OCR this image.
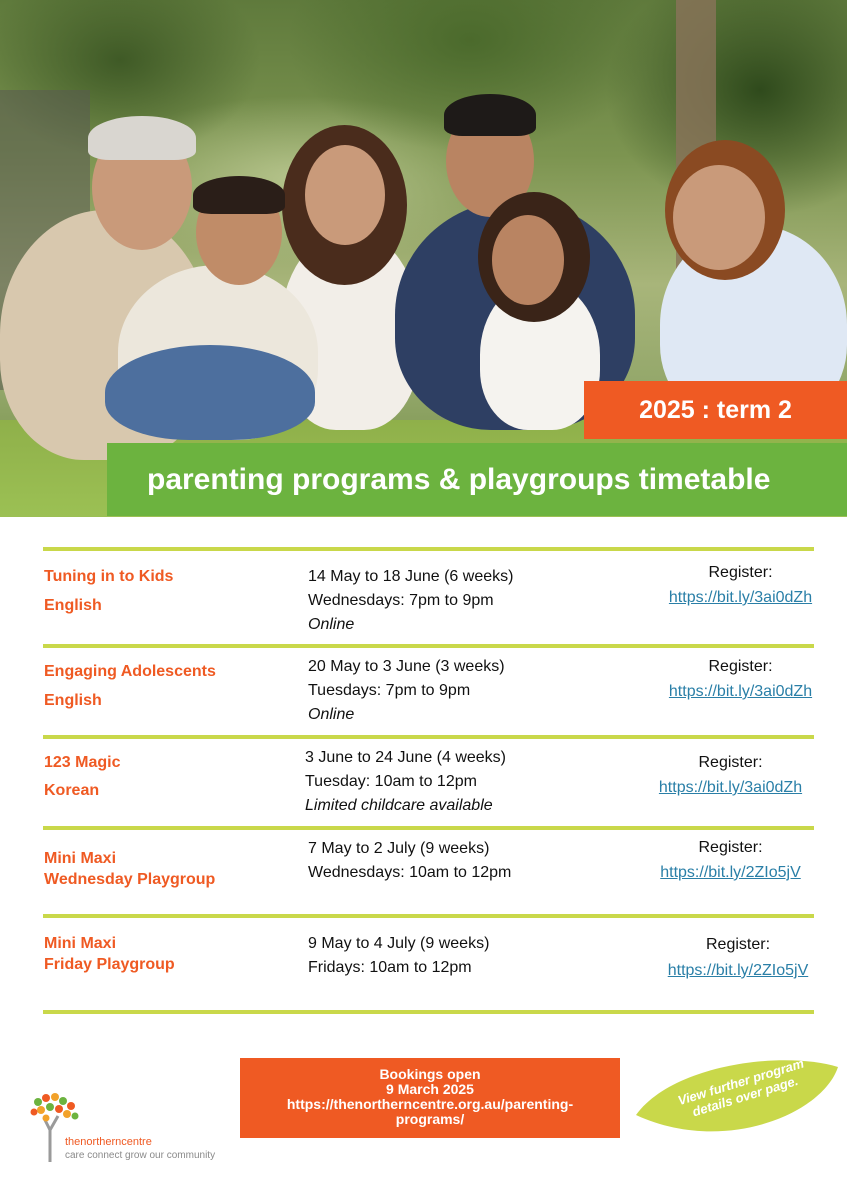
2025 : term 2
parenting programs & playgroups timetable
Tuning in to Kids
English
14 May to 18 June (6 weeks)
Wednesdays: 7pm to 9pm
Online
Register:
https://bit.ly/3ai0dZh
Engaging Adolescents
English
20 May to 3 June (3 weeks)
Tuesdays: 7pm to 9pm
Online
Register:
https://bit.ly/3ai0dZh
123 Magic
Korean
3 June to 24 June (4 weeks)
Tuesday: 10am to 12pm
Limited childcare available
Register:
https://bit.ly/3ai0dZh
Mini Maxi
Wednesday Playgroup
7 May to 2 July (9 weeks)
Wednesdays: 10am to 12pm
Register:
https://bit.ly/2ZIo5jV
Mini Maxi
Friday Playgroup
9 May to 4 July (9 weeks)
Fridays: 10am to 12pm
Register:
https://bit.ly/2ZIo5jV
thenortherncentre
care connect grow our community
Bookings open
9 March 2025
https://thenortherncentre.org.au/parenting-
programs/
View further program details over page.
